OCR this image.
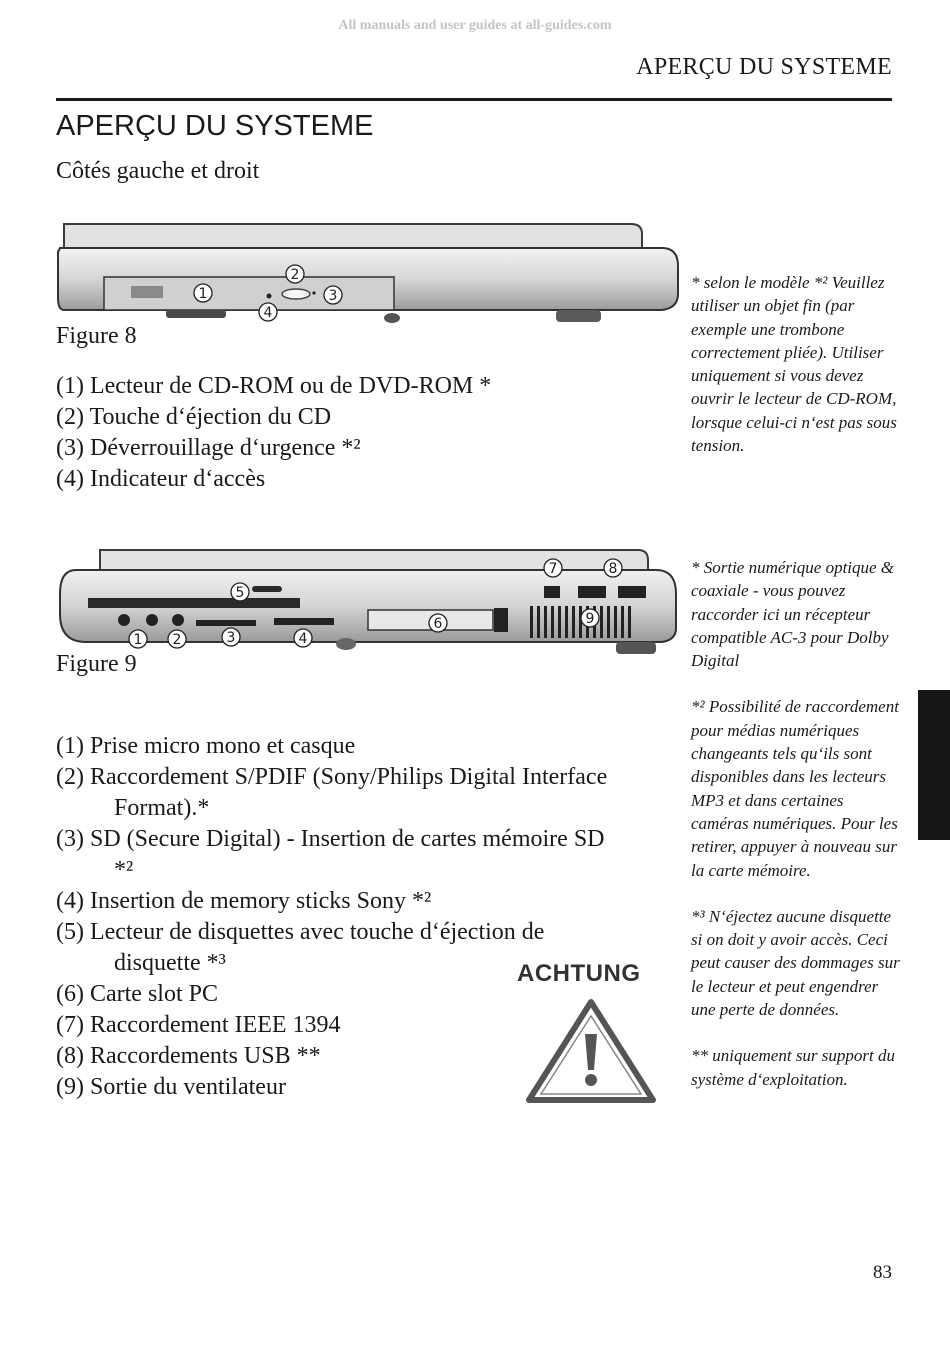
All manuals and user guides at all-guides.com
APERÇU DU SYSTEME
APERÇU DU SYSTEME
Côtés gauche et droit
1
2
3
4
Figure 8
(1) Lecteur de CD-ROM ou de DVD-ROM *
(2) Touche d‘éjection du CD
(3) Déverrouillage d‘urgence *²
(4) Indicateur d‘accès

* selon le modèle *² Veuillez utiliser un objet fin (par exemple une trombone correctement pliée). Utiliser uniquement si vous devez ouvrir le lecteur de CD-ROM, lorsque celui-ci n‘est pas sous tension.

1 2	3	4
5
6
7	8
9
Figure 9
(1) Prise micro mono et casque
(2) Raccordement S/PDIF (Sony/Philips Digital Interface Format).*
(3) SD (Secure Digital) - Insertion de cartes mémoire SD *²
(4) Insertion de memory sticks Sony *²
(5) Lecteur de disquettes avec touche d‘éjection de disquette *³
(6) Carte slot PC
(7) Raccordement IEEE 1394
(8) Raccordements USB **
(9) Sortie du ventilateur

* Sortie numérique optique & coaxiale - vous pouvez raccorder ici un récepteur compatible AC-3 pour Dolby Digital

*² Possibilité de raccordement pour médias numériques changeants tels qu‘ils sont disponibles dans les lecteurs MP3 et dans certaines caméras numériques. Pour les retirer, appuyer à nouveau sur la carte mémoire.

*³ N‘éjectez aucune disquette si on doit y avoir accès. Ceci peut causer des dommages sur le lecteur et peut engendrer une perte de données.

** uniquement sur support du système d‘exploitation.

ACHTUNG
83
